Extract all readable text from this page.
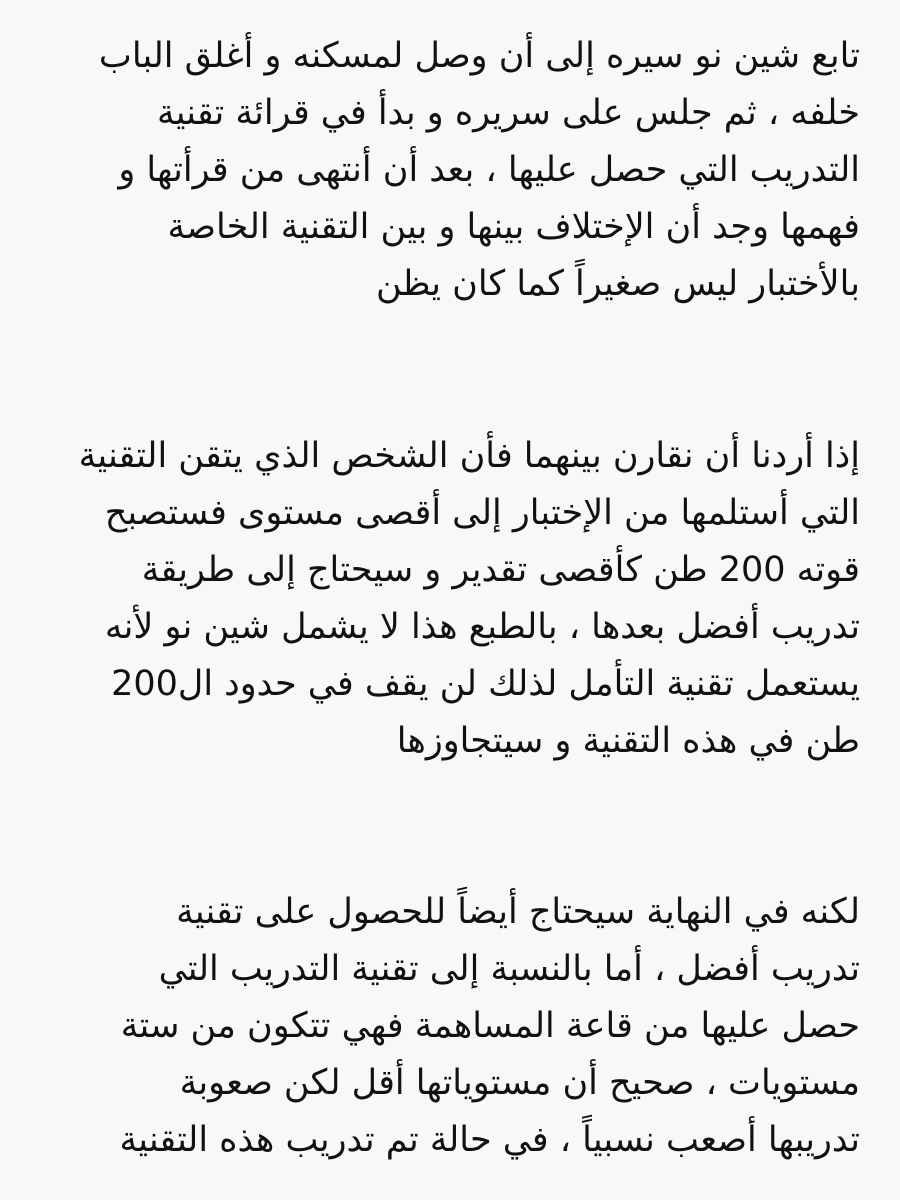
تابع شين نو سيره إلى أن وصل لمسكنه و أغلق الباب
خلفه ، ثم جلس على سريره و بدأ في قرائة تقنية
التدريب التي حصل عليها ، بعد أن أنتهى من قرأتها و
فهمها وجد أن الإختلاف بينها و بين التقنية الخاصة
بالأختبار ليس صغيراً كما كان يظن
إذا أردنا أن نقارن بينهما فأن الشخص الذي يتقن التقنية
التي أستلمها من الإختبار إلى أقصى مستوى فستصبح
قوته 200 طن كأقصى تقدير و سيحتاج إلى طريقة
تدريب أفضل بعدها ، بالطبع هذا لا يشمل شين نو لأنه
يستعمل تقنية التأمل لذلك لن يقف في حدود ال200
طن في هذه التقنية و سيتجاوزها
لكنه في النهاية سيحتاج أيضاً للحصول على تقنية
تدريب أفضل ، أما بالنسبة إلى تقنية التدريب التي
حصل عليها من قاعة المساهمة فهي تتكون من ستة
مستويات ، صحيح أن مستوياتها أقل لكن صعوبة
تدريبها أصعب نسبياً ، في حالة تم تدريب هذه التقنية
